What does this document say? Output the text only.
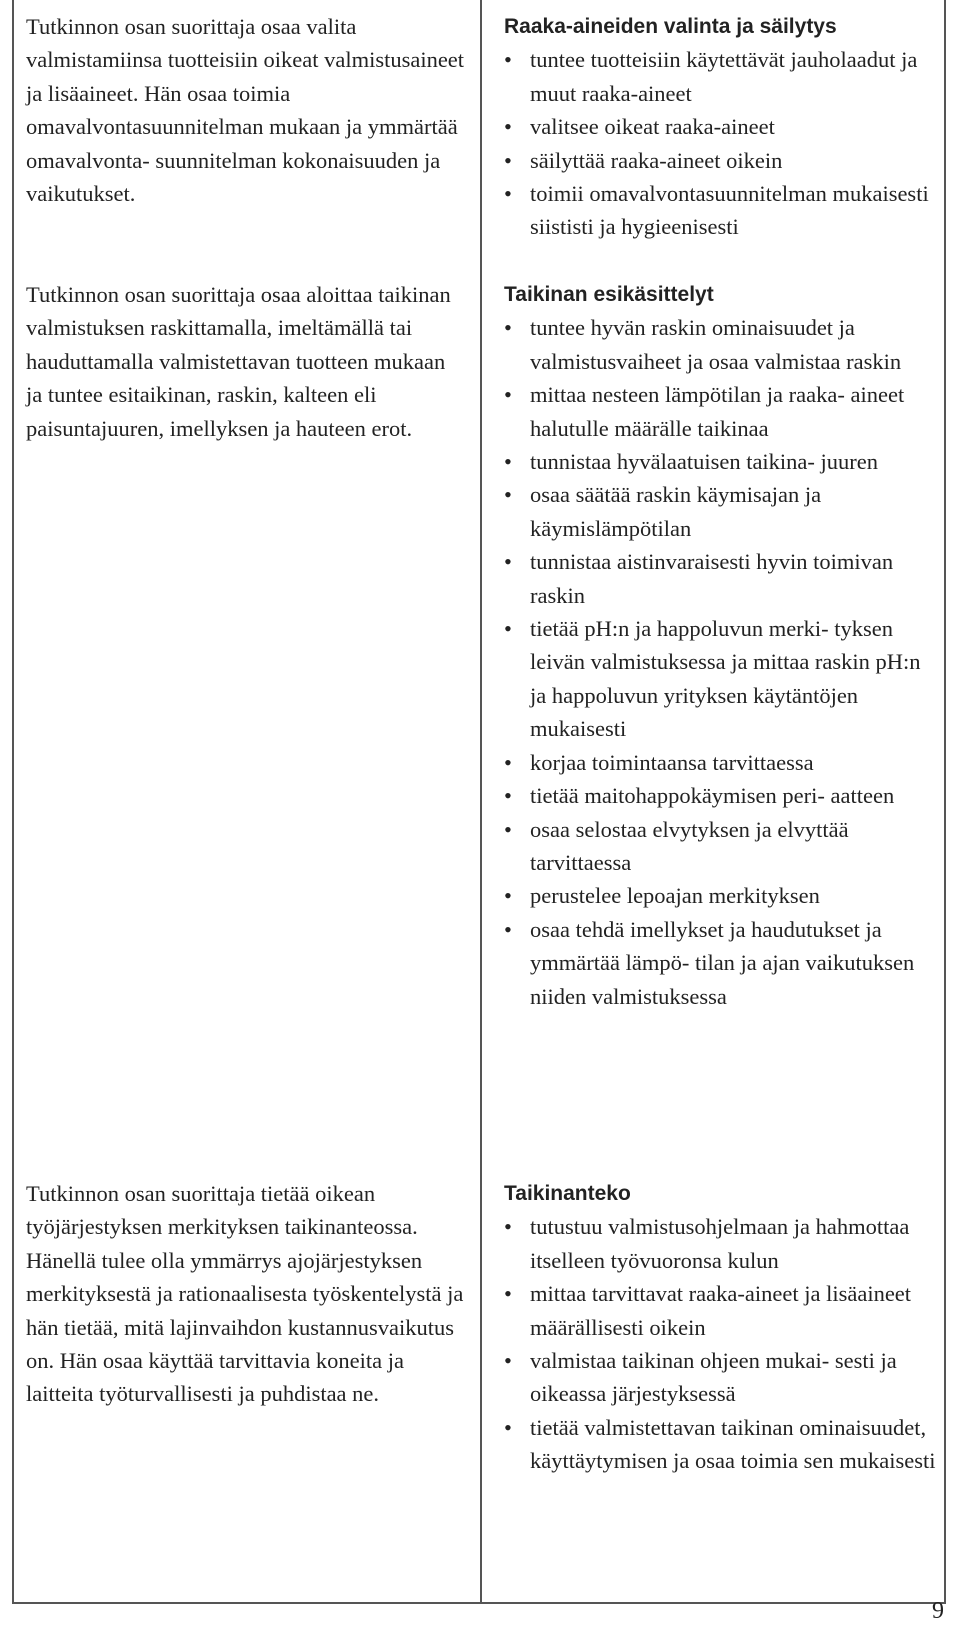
Tutkinnon osan suorittaja osaa valita valmistamiinsa tuotteisiin oikeat valmistusaineet ja lisäaineet. Hän osaa toimia omavalvontasuunnitelman mukaan ja ymmärtää omavalvonta- suunnitelman kokonaisuuden ja vaikutukset.

Tutkinnon osan suorittaja osaa aloittaa taikinan valmistuksen raskittamalla, imeltämällä tai hauduttamalla valmistettavan tuotteen mukaan ja tuntee esitaikinan, raskin, kalteen eli paisuntajuuren, imellyksen ja hauteen erot.

Tutkinnon osan suorittaja tietää oikean työjärjestyksen merkityksen taikinanteossa. Hänellä tulee olla ymmärrys ajojärjestyksen merkityksestä ja rationaalisesta työskentelystä ja hän tietää, mitä lajinvaihdon kustannusvaikutus on. Hän osaa käyttää tarvittavia koneita ja laitteita työturvallisesti ja puhdistaa ne.

Raaka-aineiden valinta ja säilytys
• tuntee tuotteisiin käytettävät jauholaadut ja muut raaka-aineet
• valitsee oikeat raaka-aineet
• säilyttää raaka-aineet oikein
• toimii omavalvontasuunnitelman mukaisesti siististi ja hygieenisesti
Taikinan esikäsittelyt
• tuntee hyvän raskin ominaisuudet ja valmistusvaiheet ja osaa valmistaa raskin
• mittaa nesteen lämpötilan ja raaka- aineet halutulle määrälle taikinaa
• tunnistaa hyvälaatuisen taikina- juuren
• osaa säätää raskin käymisajan ja käymislämpötilan
• tunnistaa aistinvaraisesti hyvin toimivan raskin
• tietää pH:n ja happoluvun merki- tyksen leivän valmistuksessa ja mittaa raskin pH:n ja happoluvun yrityksen käytäntöjen mukaisesti
• korjaa toimintaansa tarvittaessa
• tietää maitohappokäymisen peri- aatteen
• osaa selostaa elvytyksen ja elvyttää tarvittaessa
• perustelee lepoajan merkityksen
• osaa tehdä imellykset ja haudutukset ja ymmärtää lämpö- tilan ja ajan vaikutuksen niiden valmistuksessa
Taikinanteko
• tutustuu valmistusohjelmaan ja hahmottaa itselleen työvuoronsa kulun
• mittaa tarvittavat raaka-aineet ja lisäaineet määrällisesti oikein
• valmistaa taikinan ohjeen mukai- sesti ja oikeassa järjestyksessä
• tietää valmistettavan taikinan ominaisuudet, käyttäytymisen ja osaa toimia sen mukaisesti
9
